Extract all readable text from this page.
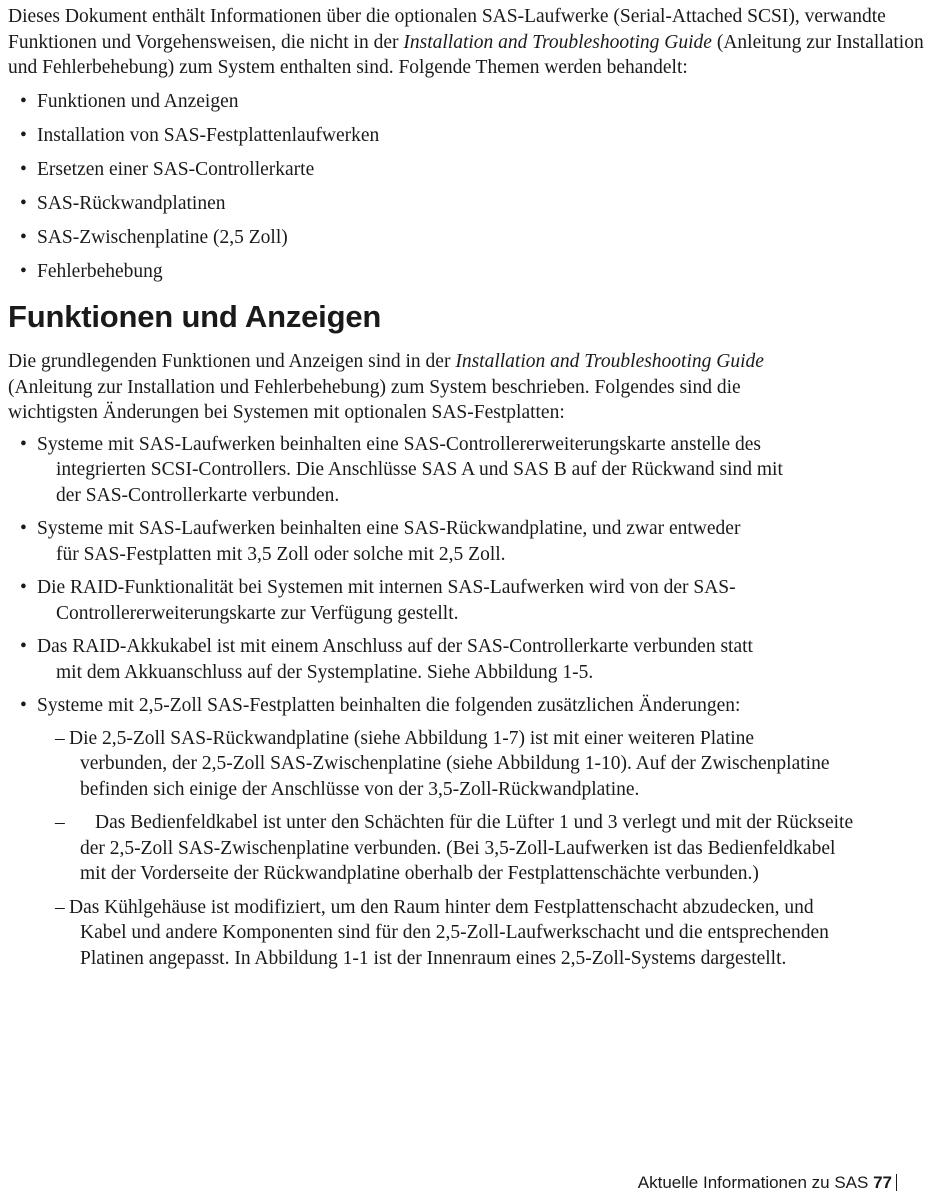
Dieses Dokument enthält Informationen über die optionalen SAS-Laufwerke (Serial-Attached SCSI), verwandte Funktionen und Vorgehensweisen, die nicht in der Installation and Troubleshooting Guide (Anleitung zur Installation und Fehlerbehebung) zum System enthalten sind. Folgende Themen werden behandelt:

• Funktionen und Anzeigen
• Installation von SAS-Festplattenlaufwerken
• Ersetzen einer SAS-Controllerkarte
• SAS-Rückwandplatinen
• SAS-Zwischenplatine (2,5 Zoll)
• Fehlerbehebung
Funktionen und Anzeigen

Die grundlegenden Funktionen und Anzeigen sind in der Installation and Troubleshooting Guide
(Anleitung zur Installation und Fehlerbehebung) zum System beschrieben. Folgendes sind die
wichtigsten Änderungen bei Systemen mit optionalen SAS-Festplatten:

• Systeme mit SAS-Laufwerken beinhalten eine SAS-Controllererweiterungskarte anstelle des
integrierten SCSI-Controllers. Die Anschlüsse SAS A und SAS B auf der Rückwand sind mit
der SAS-Controllerkarte verbunden.
• Systeme mit SAS-Laufwerken beinhalten eine SAS-Rückwandplatine, und zwar entweder
für SAS-Festplatten mit 3,5 Zoll oder solche mit 2,5 Zoll.
• Die RAID-Funktionalität bei Systemen mit internen SAS-Laufwerken wird von der SAS-
Controllererweiterungskarte zur Verfügung gestellt.
• Das RAID-Akkukabel ist mit einem Anschluss auf der SAS-Controllerkarte verbunden statt
mit dem Akkuanschluss auf der Systemplatine. Siehe Abbildung 1-5.
• Systeme mit 2,5-Zoll SAS-Festplatten beinhalten die folgenden zusätzlichen Änderungen:
– Die 2,5-Zoll SAS-Rückwandplatine (siehe Abbildung 1-7) ist mit einer weiteren Platine
verbunden, der 2,5-Zoll SAS-Zwischenplatine (siehe Abbildung 1-10). Auf der Zwischenplatine
befinden sich einige der Anschlüsse von der 3,5-Zoll-Rückwandplatine.
– Das Bedienfeldkabel ist unter den Schächten für die Lüfter 1 und 3 verlegt und mit der Rückseite
der 2,5-Zoll SAS-Zwischenplatine verbunden. (Bei 3,5-Zoll-Laufwerken ist das Bedienfeldkabel
mit der Vorderseite der Rückwandplatine oberhalb der Festplattenschächte verbunden.)
– Das Kühlgehäuse ist modifiziert, um den Raum hinter dem Festplattenschacht abzudecken, und
Kabel und andere Komponenten sind für den 2,5-Zoll-Laufwerkschacht und die entsprechenden
Platinen angepasst. In Abbildung 1-1 ist der Innenraum eines 2,5-Zoll-Systems dargestellt.
Aktuelle Informationen zu SAS 77
